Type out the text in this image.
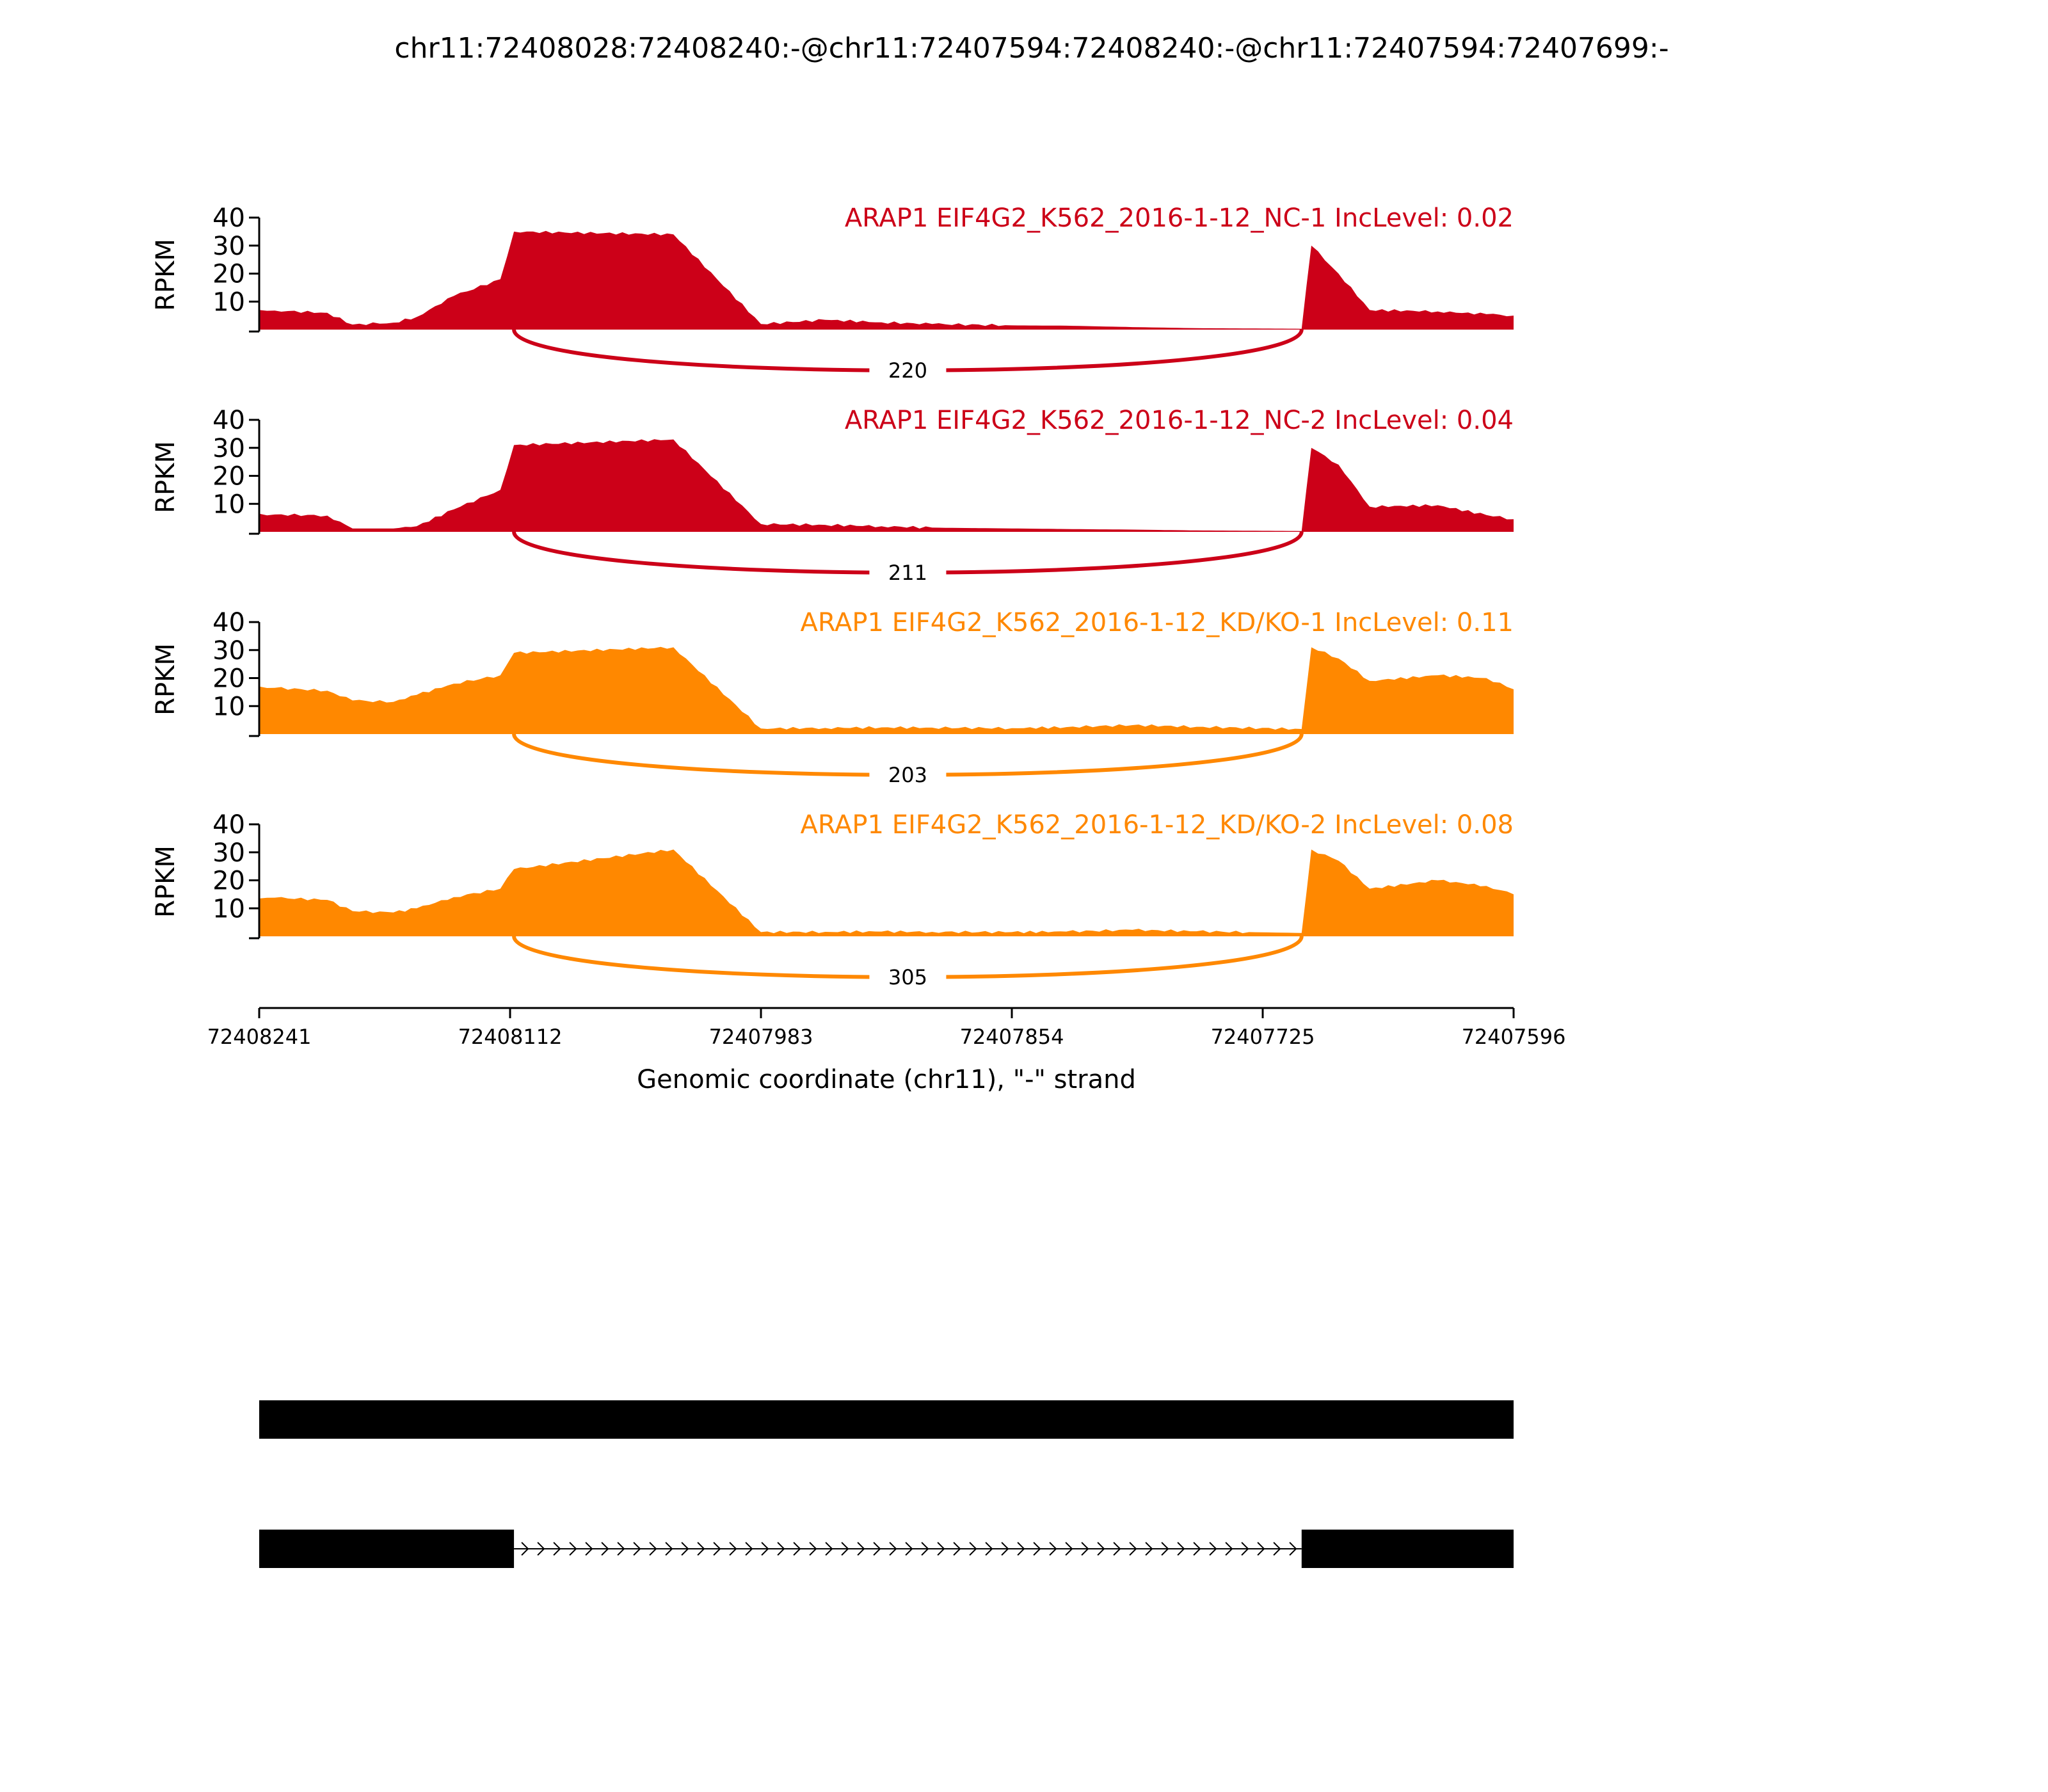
chr11:72408028:72408240:-@chr11:72407594:72408240:-@chr11:72407594:72407699:-
10
20
30
40
RPKM
ARAP1 EIF4G2_K562_2016-1-12_NC-1 IncLevel: 0.02
220
10
20
30
40
RPKM
ARAP1 EIF4G2_K562_2016-1-12_NC-2 IncLevel: 0.04
211
10
20
30
40
RPKM
ARAP1 EIF4G2_K562_2016-1-12_KD/KO-1 IncLevel: 0.11
203
10
20
30
40
RPKM
ARAP1 EIF4G2_K562_2016-1-12_KD/KO-2 IncLevel: 0.08
305
72408241	72408112	72407983	72407854	72407725	72407596
Genomic coordinate (chr11), "-" strand
